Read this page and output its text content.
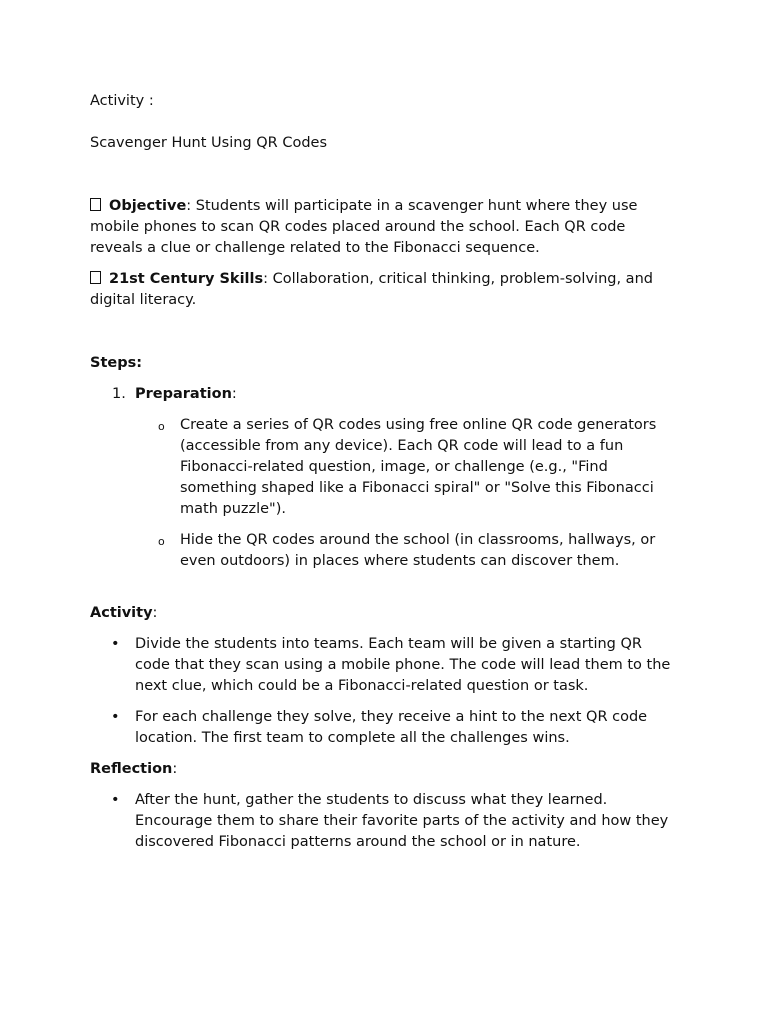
Activity :

Scavenger Hunt Using QR Codes

Objective: Students will participate in a scavenger hunt where they use mobile phones to scan QR codes placed around the school. Each QR code reveals a clue or challenge related to the Fibonacci sequence.

21st Century Skills: Collaboration, critical thinking, problem-solving, and digital literacy.

Steps:

1. Preparation:

o Create a series of QR codes using free online QR code generators (accessible from any device). Each QR code will lead to a fun Fibonacci-related question, image, or challenge (e.g., "Find something shaped like a Fibonacci spiral" or "Solve this Fibonacci math puzzle").
o Hide the QR codes around the school (in classrooms, hallways, or even outdoors) in places where students can discover them.

Activity:

• Divide the students into teams. Each team will be given a starting QR code that they scan using a mobile phone. The code will lead them to the next clue, which could be a Fibonacci-related question or task.
• For each challenge they solve, they receive a hint to the next QR code location. The first team to complete all the challenges wins.

Reflection:

• After the hunt, gather the students to discuss what they learned. Encourage them to share their favorite parts of the activity and how they discovered Fibonacci patterns around the school or in nature.
